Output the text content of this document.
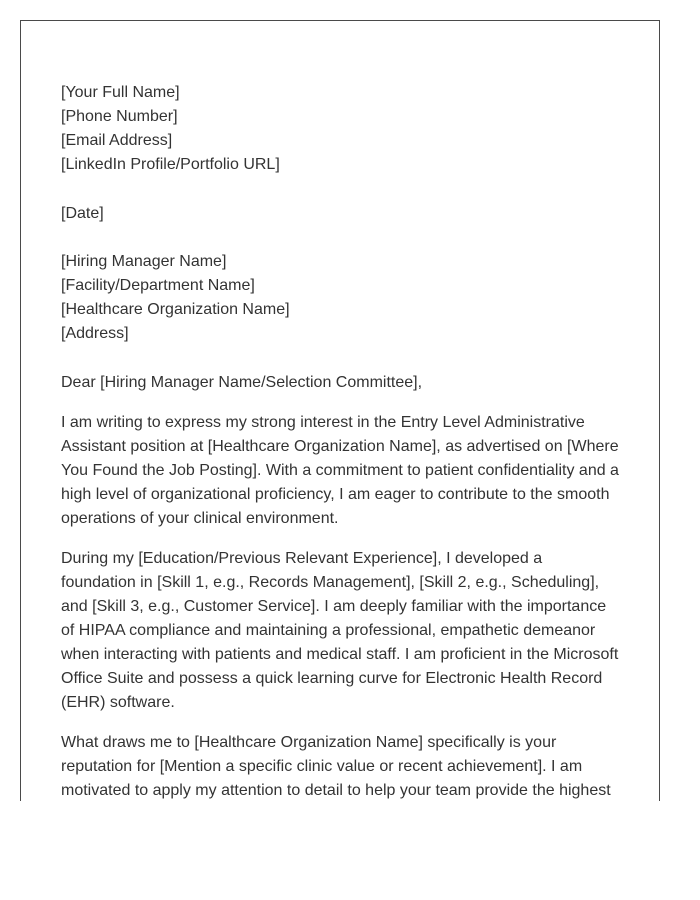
[Your Full Name]
[Phone Number]
[Email Address]
[LinkedIn Profile/Portfolio URL]
[Date]
[Hiring Manager Name]
[Facility/Department Name]
[Healthcare Organization Name]
[Address]

Dear [Hiring Manager Name/Selection Committee],

I am writing to express my strong interest in the Entry Level Administrative
Assistant position at [Healthcare Organization Name], as advertised on [Where
You Found the Job Posting]. With a commitment to patient confidentiality and a
high level of organizational proficiency, I am eager to contribute to the smooth
operations of your clinical environment.

During my [Education/Previous Relevant Experience], I developed a
foundation in [Skill 1, e.g., Records Management], [Skill 2, e.g., Scheduling],
and [Skill 3, e.g., Customer Service]. I am deeply familiar with the importance
of HIPAA compliance and maintaining a professional, empathetic demeanor
when interacting with patients and medical staff. I am proficient in the Microsoft
Office Suite and possess a quick learning curve for Electronic Health Record
(EHR) software.

What draws me to [Healthcare Organization Name] specifically is your
reputation for [Mention a specific clinic value or recent achievement]. I am
motivated to apply my attention to detail to help your team provide the highest
